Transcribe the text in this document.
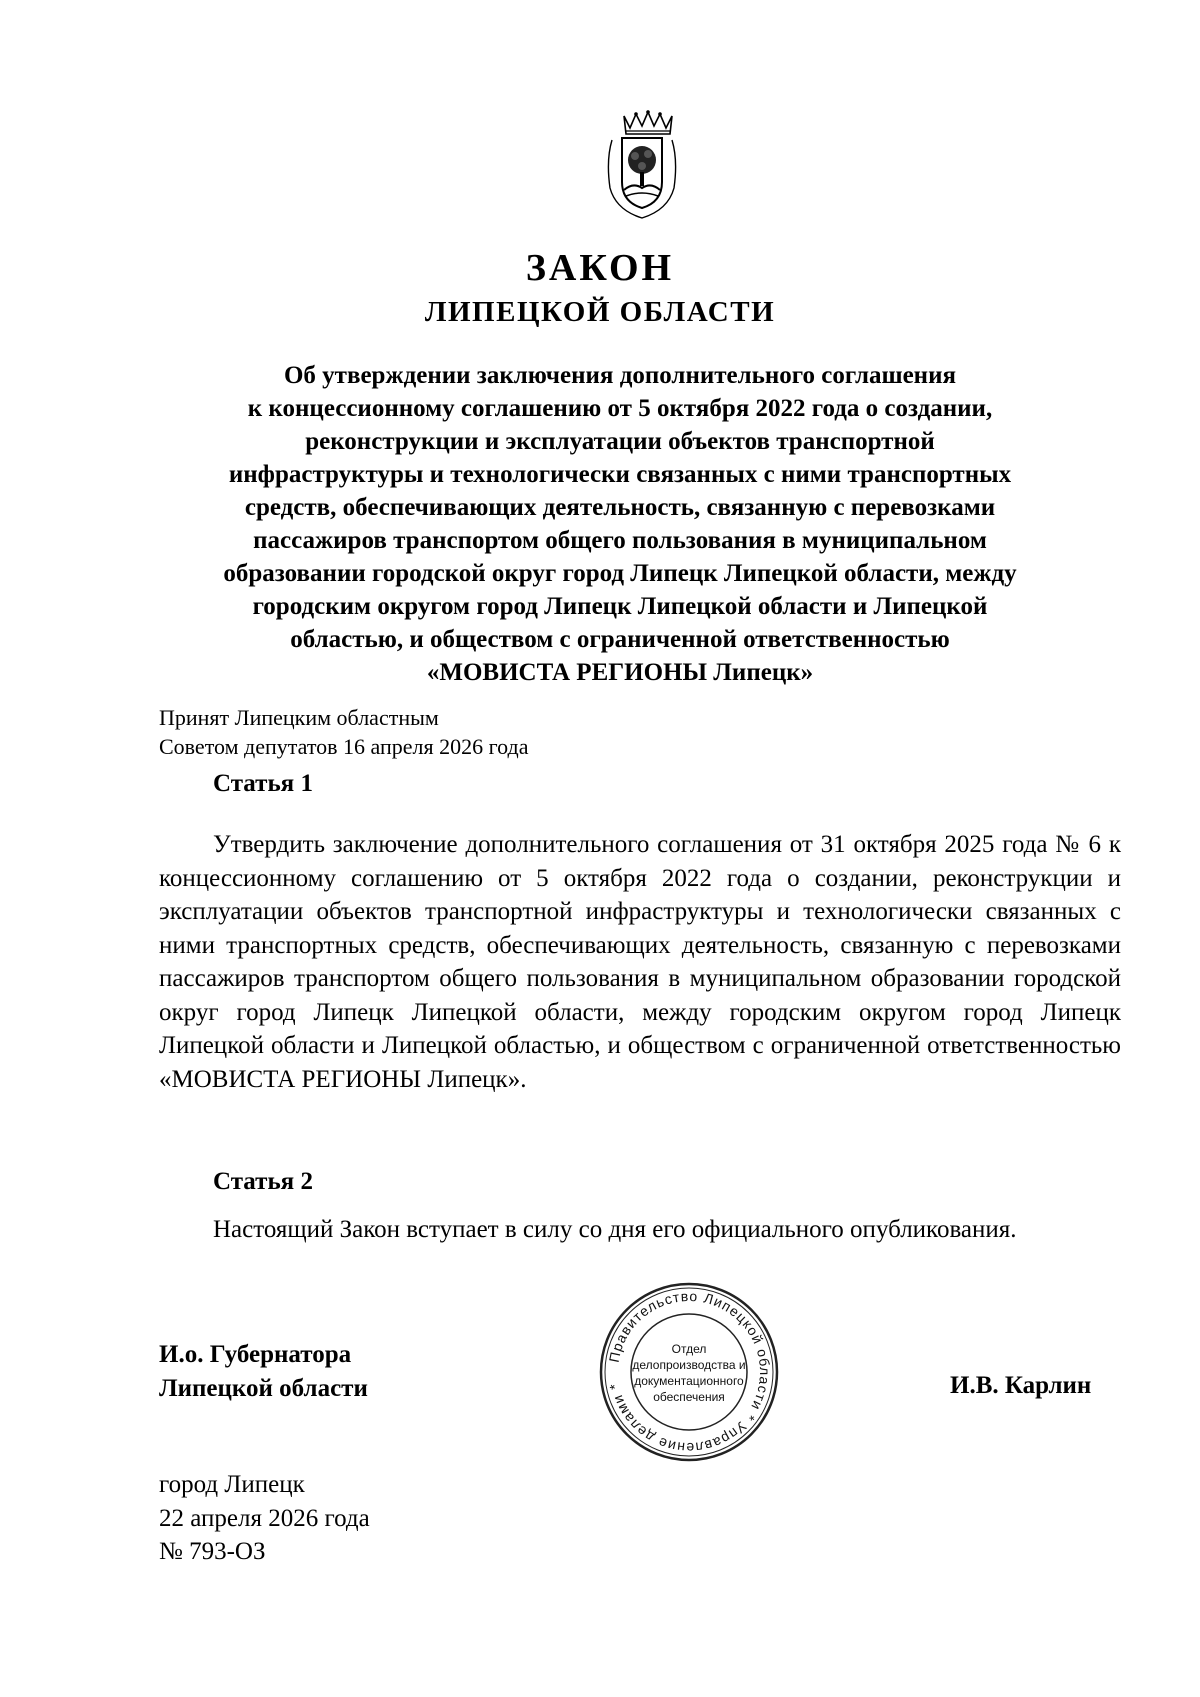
ЗАКОН
ЛИПЕЦКОЙ ОБЛАСТИ
Об утверждении заключения дополнительного соглашения
к концессионному соглашению от 5 октября 2022 года о создании,
реконструкции и эксплуатации объектов транспортной
инфраструктуры и технологически связанных с ними транспортных
средств, обеспечивающих деятельность, связанную с перевозками
пассажиров транспортом общего пользования в муниципальном
образовании городской округ город Липецк Липецкой области, между
городским округом город Липецк Липецкой области и Липецкой
областью, и обществом с ограниченной ответственностью
«МОВИСТА РЕГИОНЫ Липецк»
Принят Липецким областным
Советом депутатов 16 апреля 2026 года
Статья 1

Утвердить заключение дополнительного соглашения от 31 октября 2025 года № 6 к концессионному соглашению от 5 октября 2022 года о создании, реконструкции и эксплуатации объектов транспортной инфраструктуры и технологически связанных с ними транспортных средств, обеспечивающих деятельность, связанную с перевозками пассажиров транспортом общего пользования в муниципальном образовании городской округ город Липецк Липецкой области, между городским округом город Липецк Липецкой области и Липецкой областью, и обществом с ограниченной ответственностью «МОВИСТА РЕГИОНЫ Липецк».

Статья 2

Настоящий Закон вступает в силу со дня его официального опубликования.

И.о. Губернатора
Липецкой области
Правительство Липецкой области * Управление делами *
Отдел
делопроизводства и
документационного
обеспечения	И.В. Карлин
город Липецк
22 апреля 2026 года
№ 793-ОЗ
